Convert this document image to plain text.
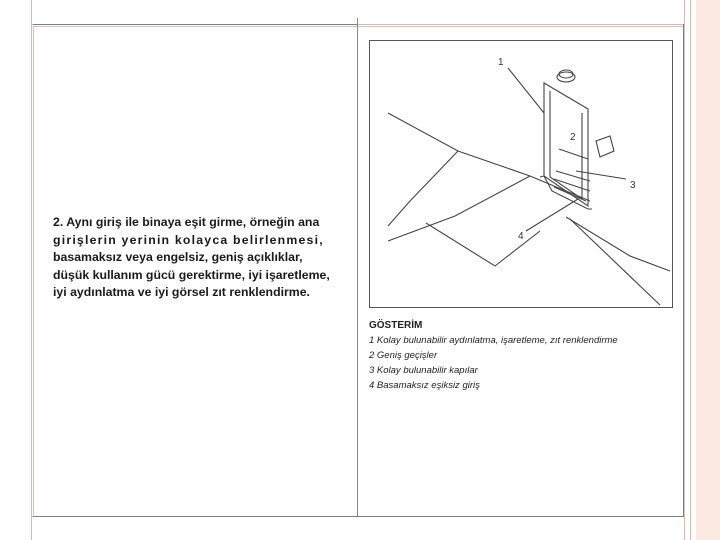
2. Aynı giriş ile binaya eşit girme, örneğin ana
girişlerin yerinin kolayca belirlenmesi,
basamaksız veya engelsiz, geniş açıklıklar,
düşük kullanım gücü gerektirme, iyi işaretleme,
iyi aydınlatma ve iyi görsel zıt renklendirme.
1
2
3
4
GÖSTERİM
1 Kolay bulunabilir aydınlatma, işaretleme, zıt renklendirme
2 Geniş geçişler
3 Kolay bulunabilir kapılar
4 Basamaksız eşiksiz giriş
